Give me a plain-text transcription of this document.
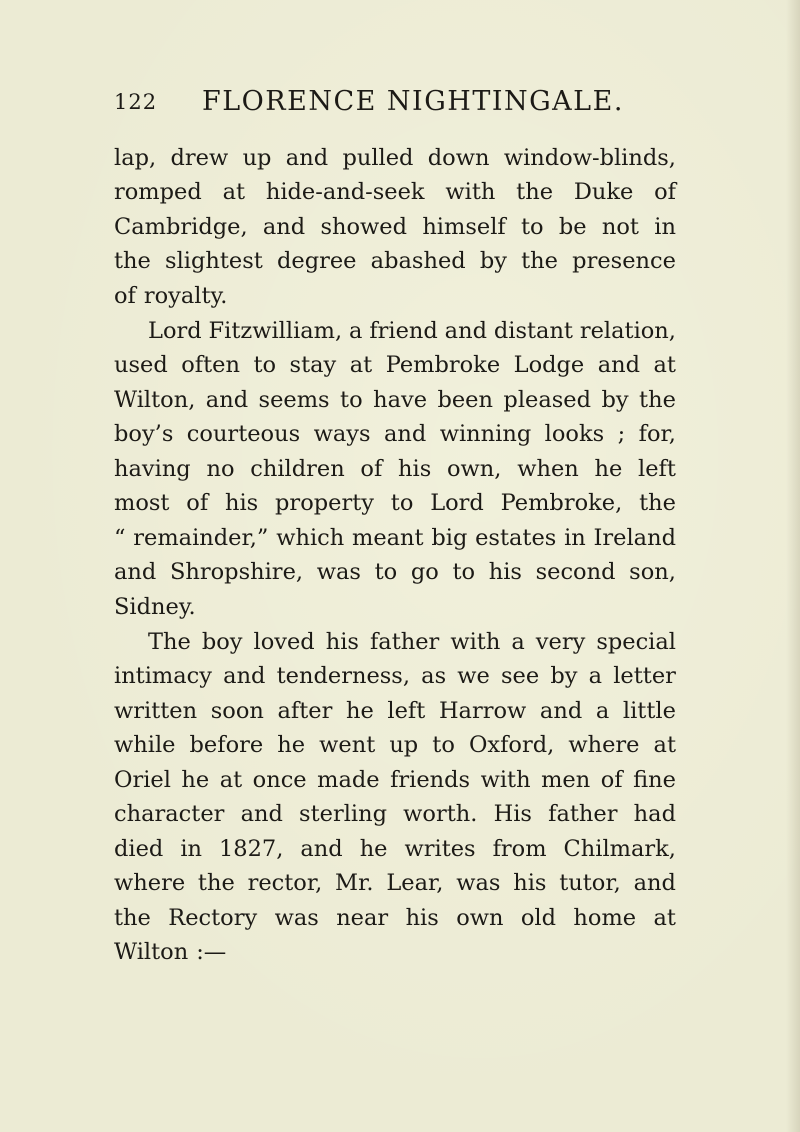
122 FLORENCE NIGHTINGALE.
lap, drew up and pulled down window-blinds,
romped at hide-and-seek with the Duke of
Cambridge, and showed himself to be not in
the slightest degree abashed by the presence
of royalty.
Lord Fitzwilliam, a friend and distant relation,
used often to stay at Pembroke Lodge and at
Wilton, and seems to have been pleased by the
boy’s courteous ways and winning looks ; for,
having no children of his own, when he left
most of his property to Lord Pembroke, the
“ remainder,” which meant big estates in Ireland
and Shropshire, was to go to his second son,
Sidney.
The boy loved his father with a very special
intimacy and tenderness, as we see by a letter
written soon after he left Harrow and a little
while before he went up to Oxford, where at
Oriel he at once made friends with men of fine
character and sterling worth. His father had
died in 1827, and he writes from Chilmark,
where the rector, Mr. Lear, was his tutor, and
the Rectory was near his own old home at
Wilton :—
